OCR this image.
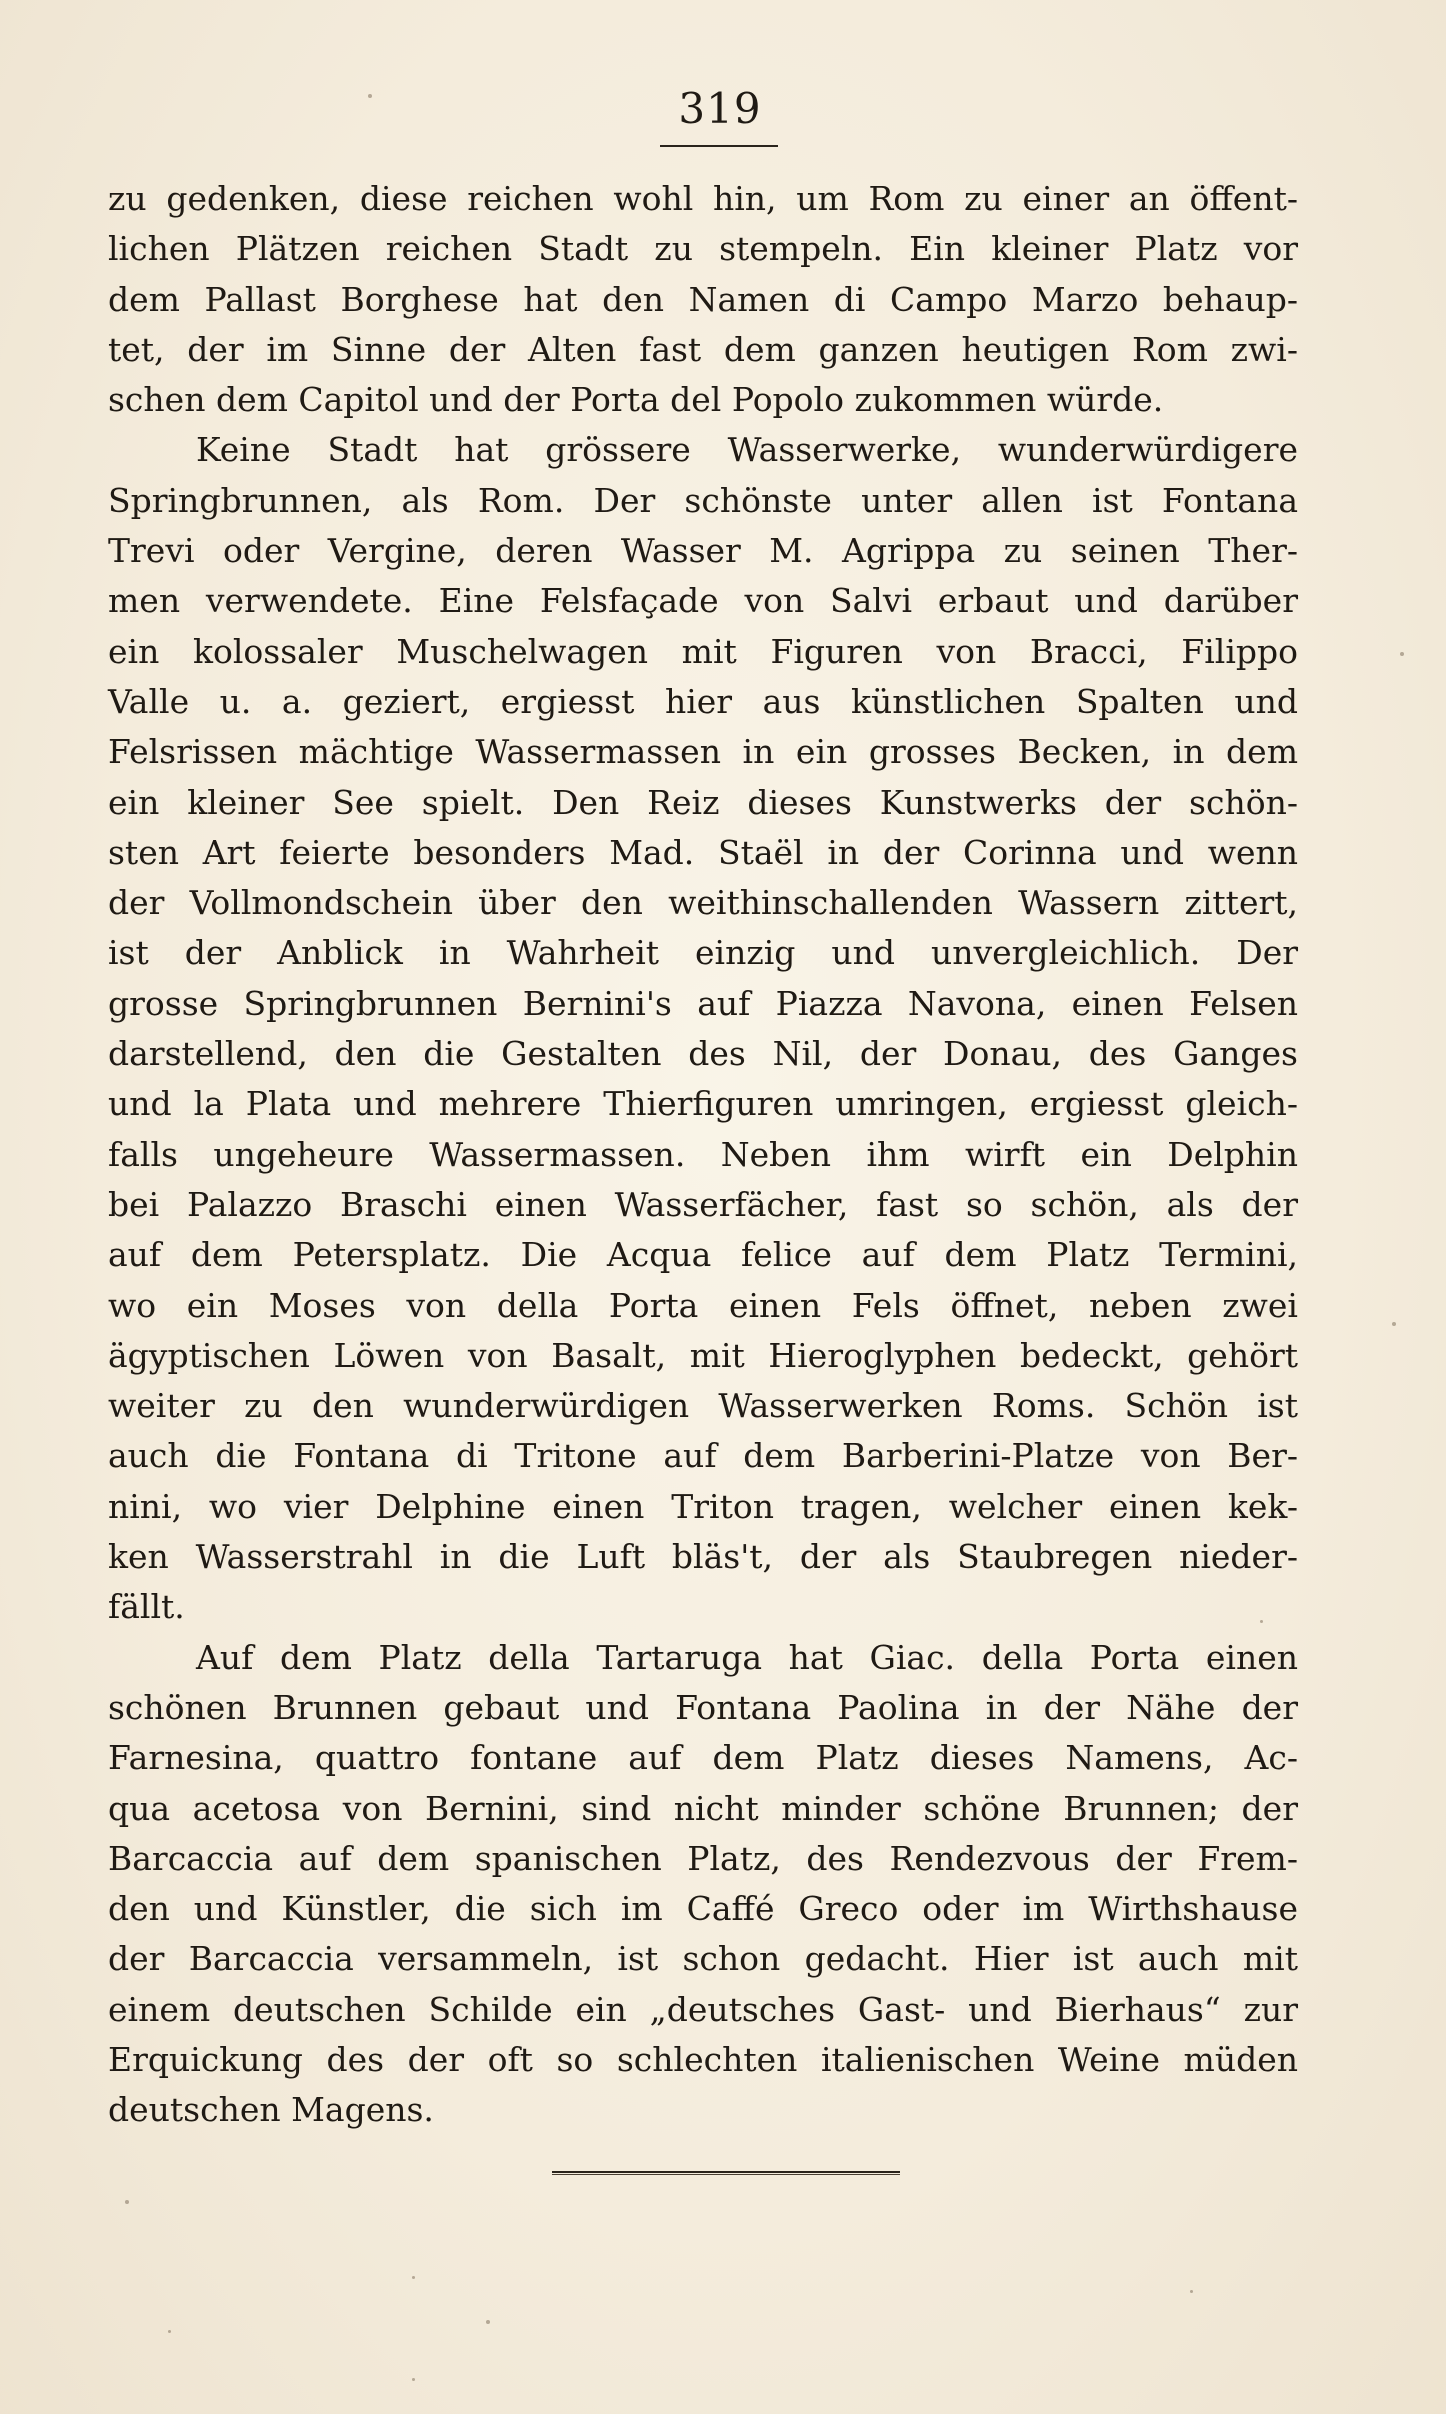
319
zu gedenken, diese reichen wohl hin, um Rom zu einer an öffent-
lichen Plätzen reichen Stadt zu stempeln. Ein kleiner Platz vor
dem Pallast Borghese hat den Namen di Campo Marzo behaup-
tet, der im Sinne der Alten fast dem ganzen heutigen Rom zwi-
schen dem Capitol und der Porta del Popolo zukommen würde.
Keine Stadt hat grössere Wasserwerke, wunderwürdigere
Springbrunnen, als Rom. Der schönste unter allen ist Fontana
Trevi oder Vergine, deren Wasser M. Agrippa zu seinen Ther-
men verwendete. Eine Felsfaçade von Salvi erbaut und darüber
ein kolossaler Muschelwagen mit Figuren von Bracci, Filippo
Valle u. a. geziert, ergiesst hier aus künstlichen Spalten und
Felsrissen mächtige Wassermassen in ein grosses Becken, in dem
ein kleiner See spielt. Den Reiz dieses Kunstwerks der schön-
sten Art feierte besonders Mad. Staël in der Corinna und wenn
der Vollmondschein über den weithinschallenden Wassern zittert,
ist der Anblick in Wahrheit einzig und unvergleichlich. Der
grosse Springbrunnen Bernini's auf Piazza Navona, einen Felsen
darstellend, den die Gestalten des Nil, der Donau, des Ganges
und la Plata und mehrere Thierfiguren umringen, ergiesst gleich-
falls ungeheure Wassermassen. Neben ihm wirft ein Delphin
bei Palazzo Braschi einen Wasserfächer, fast so schön, als der
auf dem Petersplatz. Die Acqua felice auf dem Platz Termini,
wo ein Moses von della Porta einen Fels öffnet, neben zwei
ägyptischen Löwen von Basalt, mit Hieroglyphen bedeckt, gehört
weiter zu den wunderwürdigen Wasserwerken Roms. Schön ist
auch die Fontana di Tritone auf dem Barberini-Platze von Ber-
nini, wo vier Delphine einen Triton tragen, welcher einen kek-
ken Wasserstrahl in die Luft bläs't, der als Staubregen nieder-
fällt.
Auf dem Platz della Tartaruga hat Giac. della Porta einen
schönen Brunnen gebaut und Fontana Paolina in der Nähe der
Farnesina, quattro fontane auf dem Platz dieses Namens, Ac-
qua acetosa von Bernini, sind nicht minder schöne Brunnen; der
Barcaccia auf dem spanischen Platz, des Rendezvous der Frem-
den und Künstler, die sich im Caffé Greco oder im Wirthshause
der Barcaccia versammeln, ist schon gedacht. Hier ist auch mit
einem deutschen Schilde ein „deutsches Gast- und Bierhaus“ zur
Erquickung des der oft so schlechten italienischen Weine müden
deutschen Magens.
